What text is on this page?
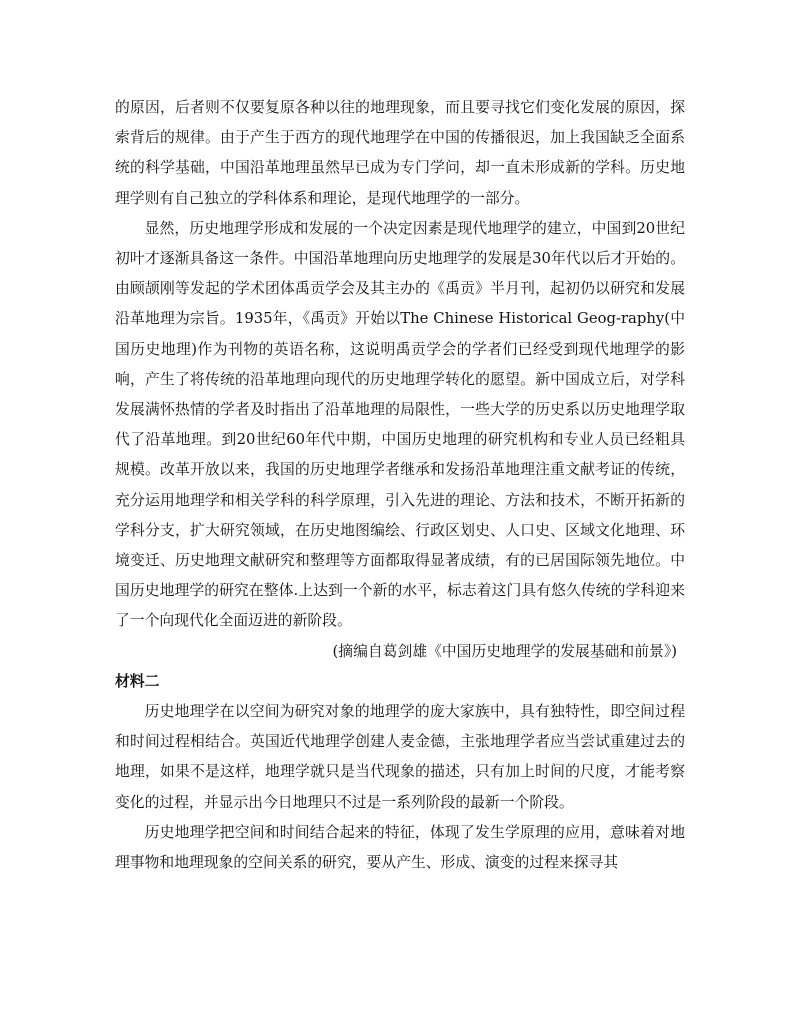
的原因，后者则不仅要复原各种以往的地理现象，而且要寻找它们变化发展的原因，探索背后的规律。由于产生于西方的现代地理学在中国的传播很迟，加上我国缺乏全面系统的科学基础，中国沿革地理虽然早已成为专门学问，却一直未形成新的学科。历史地理学则有自己独立的学科体系和理论，是现代地理学的一部分。

显然，历史地理学形成和发展的一个决定因素是现代地理学的建立，中国到20世纪初叶才逐渐具备这一条件。中国沿革地理向历史地理学的发展是30年代以后才开始的。由顾颉刚等发起的学术团体禹贡学会及其主办的《禹贡》半月刊，起初仍以研究和发展沿革地理为宗旨。1935年，《禹贡》开始以The Chinese Historical Geog-raphy(中国历史地理)作为刊物的英语名称，这说明禹贡学会的学者们已经受到现代地理学的影响，产生了将传统的沿革地理向现代的历史地理学转化的愿望。新中国成立后，对学科发展满怀热情的学者及时指出了沿革地理的局限性，一些大学的历史系以历史地理学取代了沿革地理。到20世纪60年代中期，中国历史地理的研究机构和专业人员已经粗具规模。改革开放以来，我国的历史地理学者继承和发扬沿革地理注重文献考证的传统，充分运用地理学和相关学科的科学原理，引入先进的理论、方法和技术，不断开拓新的学科分支，扩大研究领域，在历史地图编绘、行政区划史、人口史、区域文化地理、环境变迁、历史地理文献研究和整理等方面都取得显著成绩，有的已居国际领先地位。中国历史地理学的研究在整体.上达到一个新的水平，标志着这门具有悠久传统的学科迎来了一个向现代化全面迈进的新阶段。

(摘编自葛剑雄《中国历史地理学的发展基础和前景》)

材料二

历史地理学在以空间为研究对象的地理学的庞大家族中，具有独特性，即空间过程和时间过程相结合。英国近代地理学创建人麦金德，主张地理学者应当尝试重建过去的地理，如果不是这样，地理学就只是当代现象的描述，只有加上时间的尺度，才能考察变化的过程，并显示出今日地理只不过是一系列阶段的最新一个阶段。

历史地理学把空间和时间结合起来的特征，体现了发生学原理的应用，意味着对地理事物和地理现象的空间关系的研究，要从产生、形成、演变的过程来探寻其
